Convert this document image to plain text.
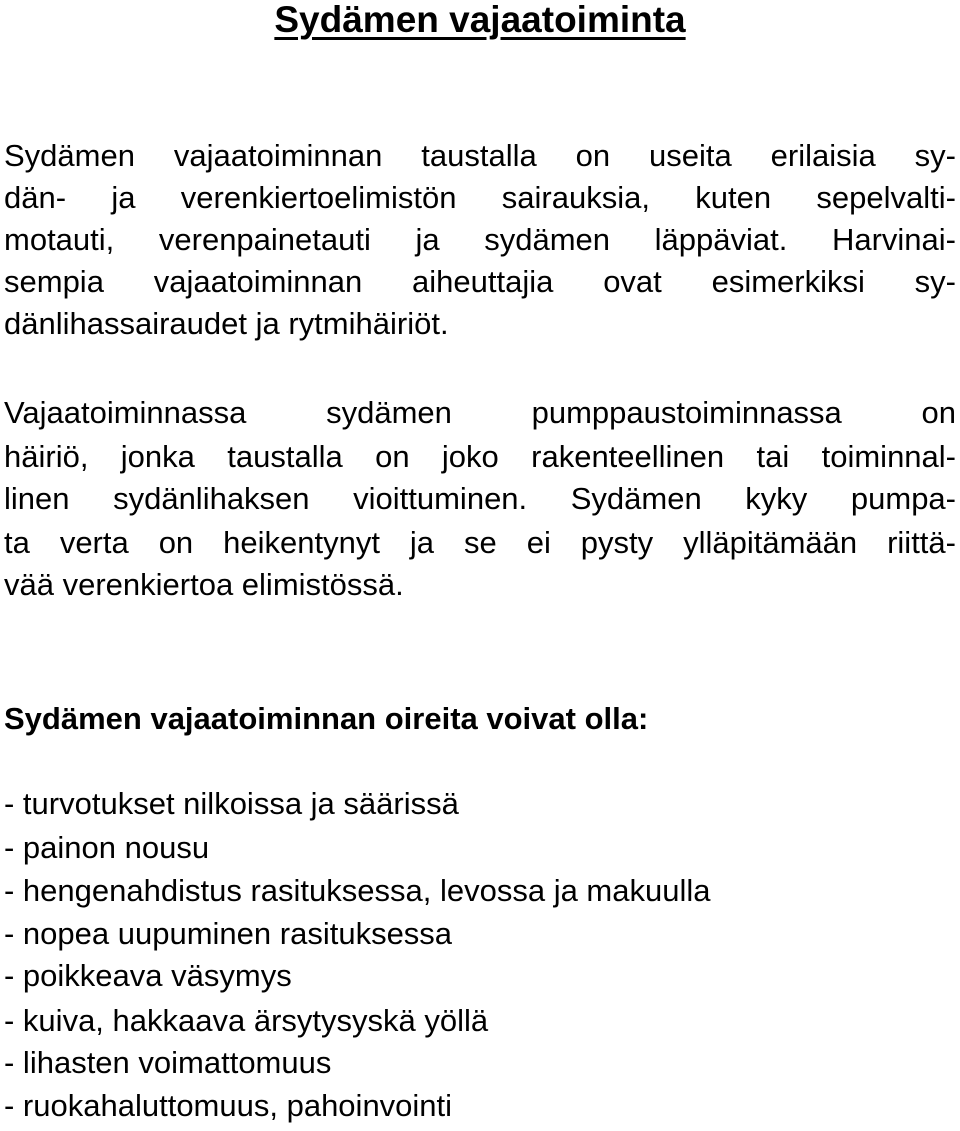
Sydämen vajaatoiminta
Sydämen vajaatoiminnan taustalla on useita erilaisia sy-
dän- ja verenkiertoelimistön sairauksia, kuten sepelvalti-
motauti, verenpainetauti ja sydämen läppäviat. Harvinai-
sempia vajaatoiminnan aiheuttajia ovat esimerkiksi sy-
dänlihassairaudet ja rytmihäiriöt.
Vajaatoiminnassa sydämen pumppaustoiminnassa on
häiriö, jonka taustalla on joko rakenteellinen tai toiminnal-
linen sydänlihaksen vioittuminen. Sydämen kyky pumpa-
ta verta on heikentynyt ja se ei pysty ylläpitämään riittä-
vää verenkiertoa elimistössä.
Sydämen vajaatoiminnan oireita voivat olla:
- turvotukset nilkoissa ja säärissä
- painon nousu
- hengenahdistus rasituksessa, levossa ja makuulla
- nopea uupuminen rasituksessa
- poikkeava väsymys
- kuiva, hakkaava ärsytysyskä yöllä
- lihasten voimattomuus
- ruokahaluttomuus, pahoinvointi
